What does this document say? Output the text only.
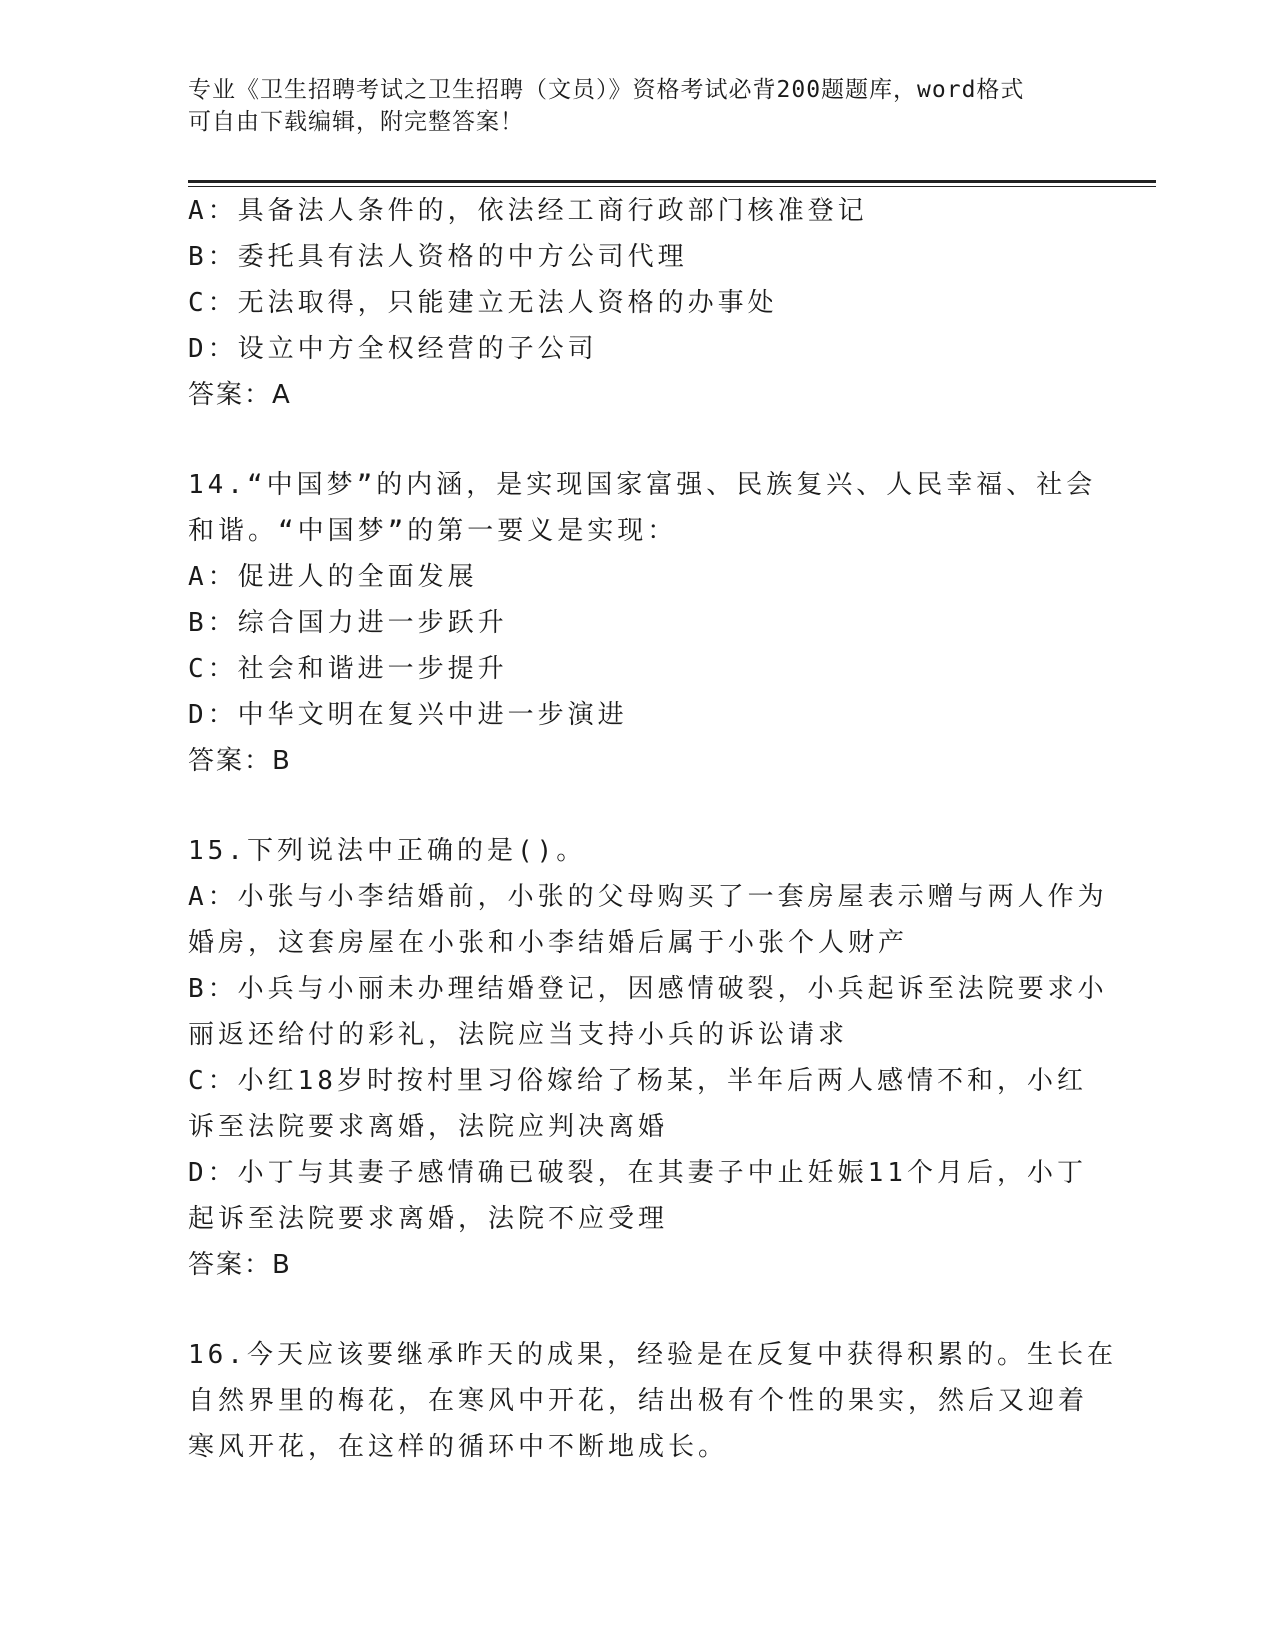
专业《卫生招聘考试之卫生招聘（文员）》资格考试必背200题题库，word格式
可自由下载编辑，附完整答案！
A：具备法人条件的，依法经工商行政部门核准登记
B：委托具有法人资格的中方公司代理
C：无法取得，只能建立无法人资格的办事处
D：设立中方全权经营的子公司
答案：A
14.“中国梦”的内涵，是实现国家富强、民族复兴、人民幸福、社会
和谐。“中国梦”的第一要义是实现：
A：促进人的全面发展
B：综合国力进一步跃升
C：社会和谐进一步提升
D：中华文明在复兴中进一步演进
答案：B
15.下列说法中正确的是()。
A：小张与小李结婚前，小张的父母购买了一套房屋表示赠与两人作为
婚房，这套房屋在小张和小李结婚后属于小张个人财产
B：小兵与小丽未办理结婚登记，因感情破裂，小兵起诉至法院要求小
丽返还给付的彩礼，法院应当支持小兵的诉讼请求
C：小红18岁时按村里习俗嫁给了杨某，半年后两人感情不和，小红
诉至法院要求离婚，法院应判决离婚
D：小丁与其妻子感情确已破裂，在其妻子中止妊娠11个月后，小丁
起诉至法院要求离婚，法院不应受理
答案：B
16.今天应该要继承昨天的成果，经验是在反复中获得积累的。生长在
自然界里的梅花，在寒风中开花，结出极有个性的果实，然后又迎着
寒风开花，在这样的循环中不断地成长。
